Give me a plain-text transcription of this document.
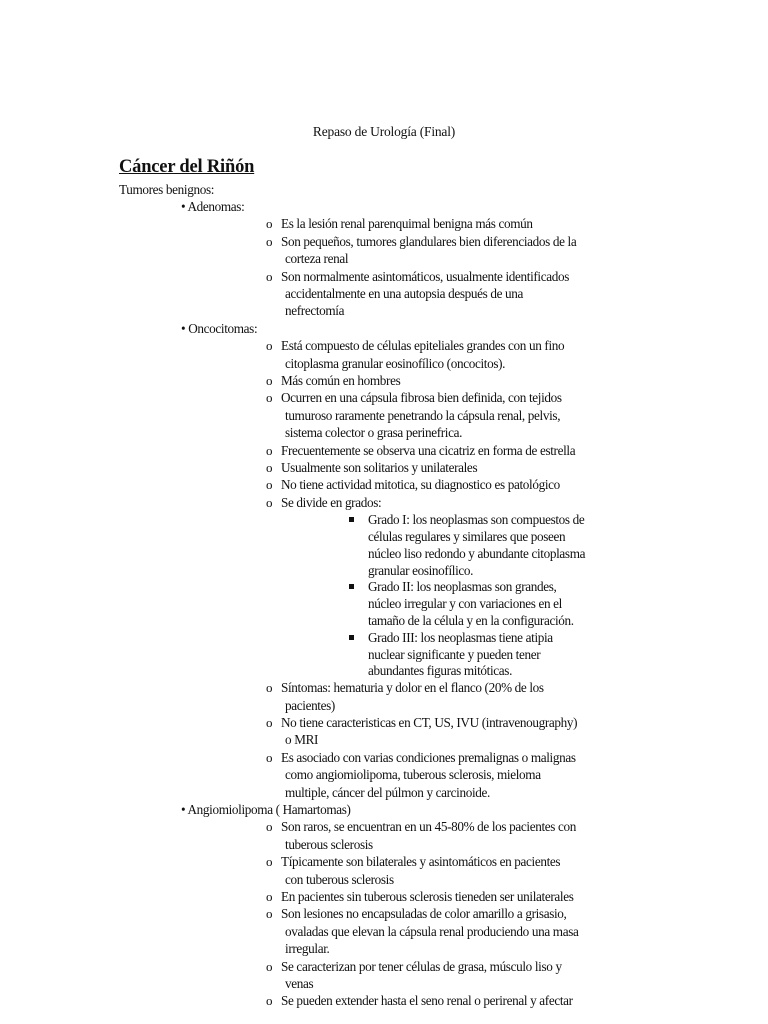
Repaso de Urología (Final)
Cáncer del Riñón
Tumores benignos:
• Adenomas:
o Es la lesión renal parenquimal benigna más común
o Son pequeños, tumores glandulares bien diferenciados de la
corteza renal
o Son normalmente asintomáticos, usualmente identificados
accidentalmente en una autopsia después de una
nefrectomía
• Oncocitomas:
o Está compuesto de células epiteliales grandes con un fino
citoplasma granular eosinofílico (oncocitos).
o Más común en hombres
o Ocurren en una cápsula fibrosa bien definida, con tejidos
tumuroso raramente penetrando la cápsula renal, pelvis,
sistema colector o grasa perinefrica.
o Frecuentemente se observa una cicatriz en forma de estrella
o Usualmente son solitarios y unilaterales
o No tiene actividad mitotica, su diagnostico es patológico
o Se divide en grados:
Grado I: los neoplasmas son compuestos de
células regulares y similares que poseen
núcleo liso redondo y abundante citoplasma
granular eosinofílico.
Grado II: los neoplasmas son grandes,
núcleo irregular y con variaciones en el
tamaño de la célula y en la configuración.
Grado III: los neoplasmas tiene atipia
nuclear significante y pueden tener
abundantes figuras mitóticas.
o Síntomas: hematuria y dolor en el flanco (20% de los
pacientes)
o No tiene caracteristicas en CT, US, IVU (intravenougraphy)
o MRI
o Es asociado con varias condiciones premalignas o malignas
como angiomiolipoma, tuberous sclerosis, mieloma
multiple, cáncer del púlmon y carcinoide.
• Angiomiolipoma ( Hamartomas)
o Son raros, se encuentran en un 45-80% de los pacientes con
tuberous sclerosis
o Típicamente son bilaterales y asintomáticos en pacientes
con tuberous sclerosis
o En pacientes sin tuberous sclerosis tieneden ser unilaterales
o Son lesiones no encapsuladas de color amarillo a grisasio,
ovaladas que elevan la cápsula renal produciendo una masa
irregular.
o Se caracterizan por tener células de grasa, músculo liso y
venas
o Se pueden extender hasta el seno renal o perirenal y afectar
